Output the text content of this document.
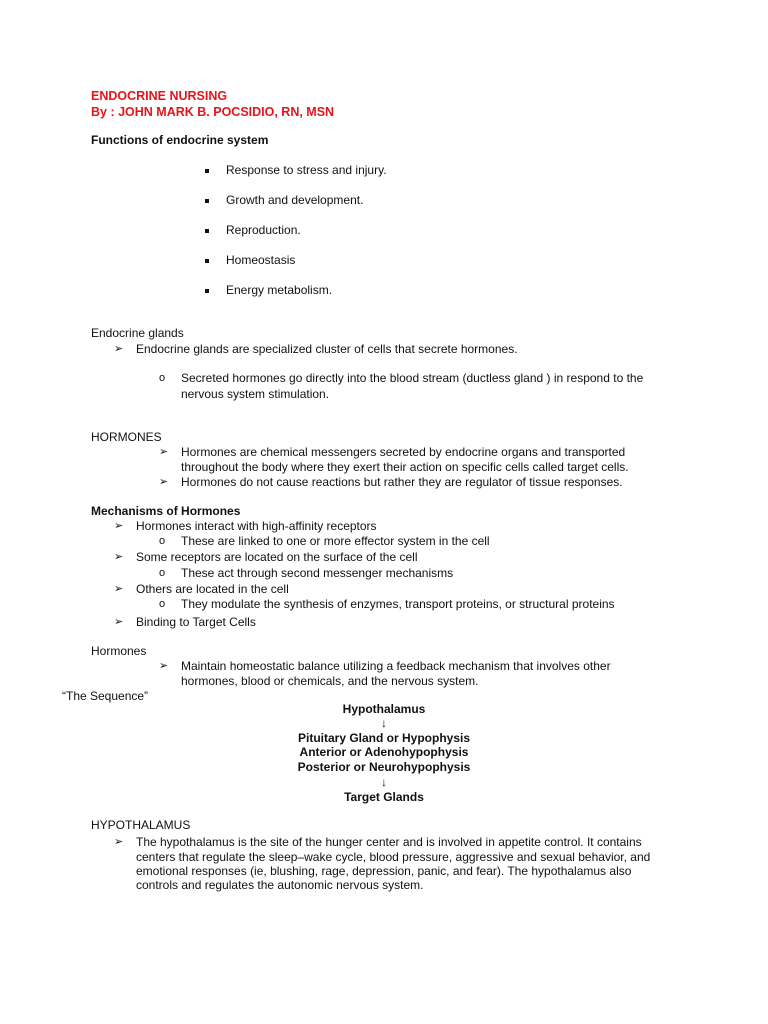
ENDOCRINE NURSING
By : JOHN MARK B. POCSIDIO, RN, MSN
Functions of endocrine system
Response to stress and injury.
Growth and development.
Reproduction.
Homeostasis
Energy metabolism.
Endocrine glands
➢ Endocrine glands are specialized cluster of cells that secrete hormones.
o Secreted hormones go directly into the blood stream (ductless gland ) in respond to the
nervous system stimulation.
HORMONES
➢ Hormones are chemical messengers secreted by endocrine organs and transported
throughout the body where they exert their action on specific cells called target cells.
➢ Hormones do not cause reactions but rather they are regulator of tissue responses.
Mechanisms of Hormones
➢ Hormones interact with high-affinity receptors
o These are linked to one or more effector system in the cell
➢ Some receptors are located on the surface of the cell
o These act through second messenger mechanisms
➢ Others are located in the cell
o They modulate the synthesis of enzymes, transport proteins, or structural proteins
➢ Binding to Target Cells
Hormones
➢ Maintain homeostatic balance utilizing a feedback mechanism that involves other
hormones, blood or chemicals, and the nervous system.
“The Sequence”
Hypothalamus
↓
Pituitary Gland or Hypophysis
Anterior or Adenohypophysis
Posterior or Neurohypophysis
↓
Target Glands
HYPOTHALAMUS
➢ The hypothalamus is the site of the hunger center and is involved in appetite control. It contains
centers that regulate the sleep–wake cycle, blood pressure, aggressive and sexual behavior, and
emotional responses (ie, blushing, rage, depression, panic, and fear). The hypothalamus also
controls and regulates the autonomic nervous system.
